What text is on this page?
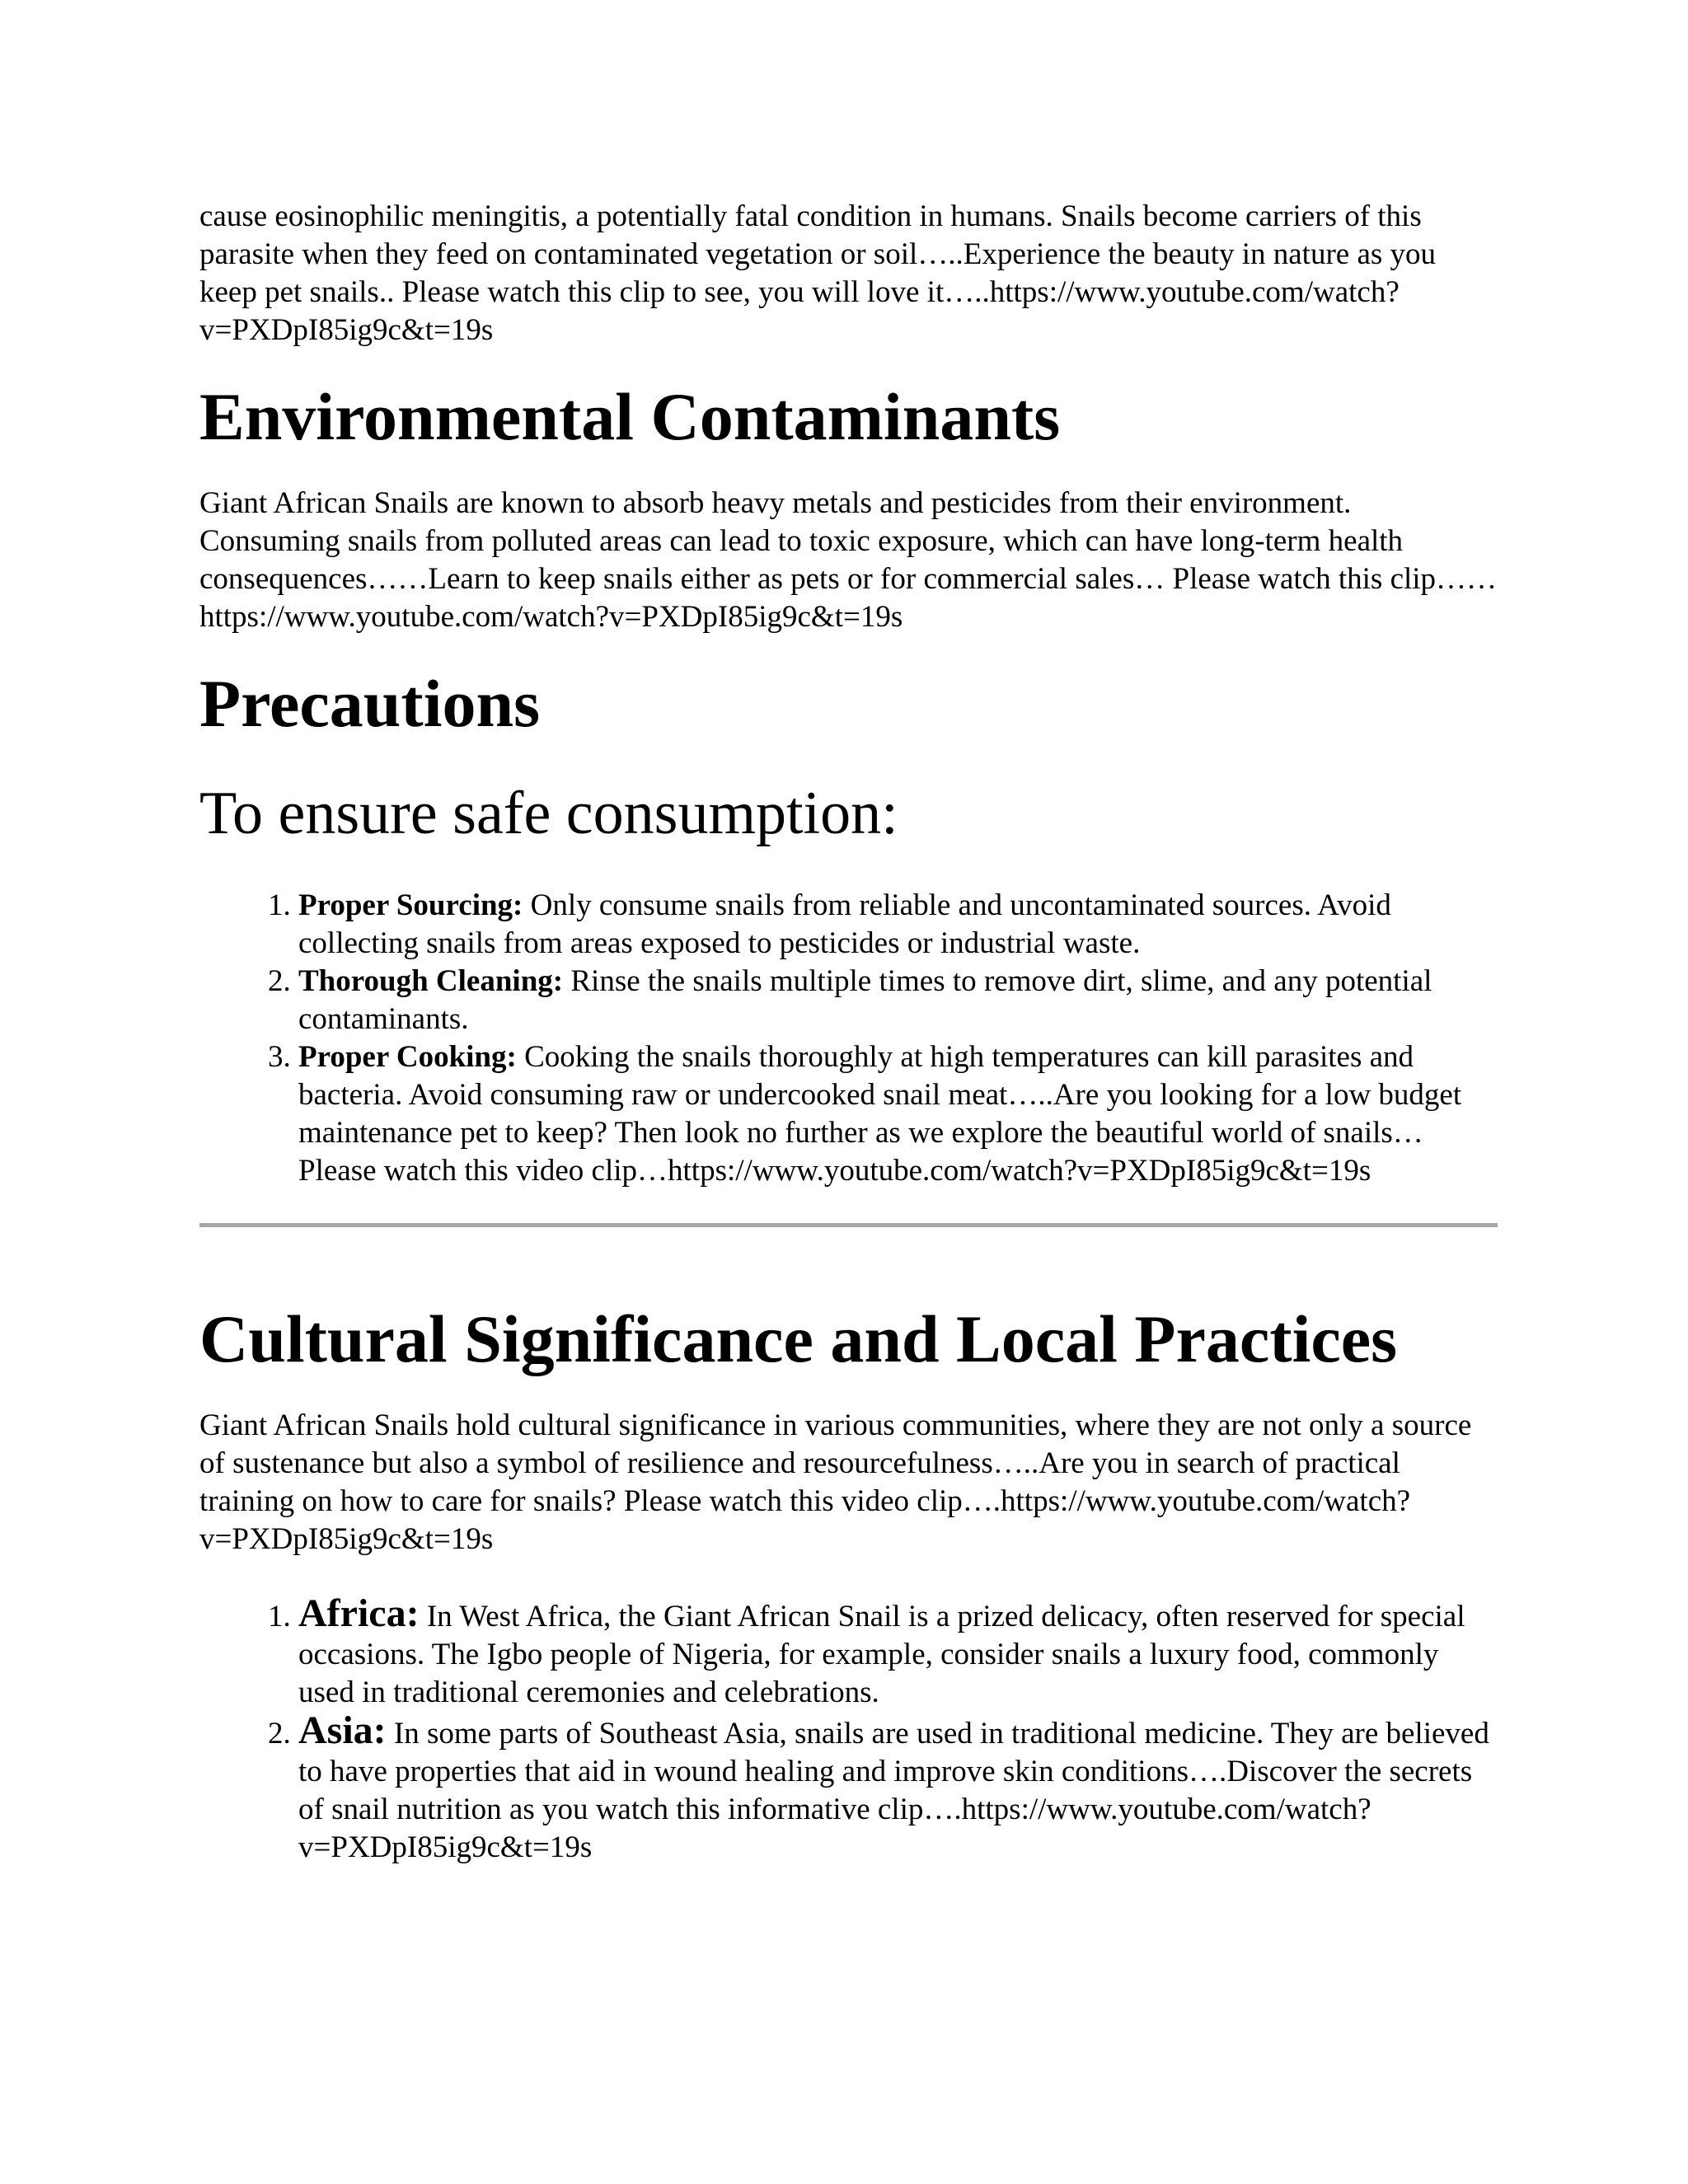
cause eosinophilic meningitis, a potentially fatal condition in humans. Snails become carriers of this parasite when they feed on contaminated vegetation or soil…..Experience the beauty in nature as you keep pet snails.. Please watch this clip to see, you will love it…..https://www.youtube.com/watch?v=PXDpI85ig9c&t=19s

Environmental Contaminants

Giant African Snails are known to absorb heavy metals and pesticides from their environment. Consuming snails from polluted areas can lead to toxic exposure, which can have long-term health consequences……Learn to keep snails either as pets or for commercial sales… Please watch this clip……https://www.youtube.com/watch?v=PXDpI85ig9c&t=19s

Precautions
To ensure safe consumption:
1. Proper Sourcing: Only consume snails from reliable and uncontaminated sources. Avoid collecting snails from areas exposed to pesticides or industrial waste.
2. Thorough Cleaning: Rinse the snails multiple times to remove dirt, slime, and any potential contaminants.
3. Proper Cooking: Cooking the snails thoroughly at high temperatures can kill parasites and bacteria. Avoid consuming raw or undercooked snail meat…..Are you looking for a low budget maintenance pet to keep? Then look no further as we explore the beautiful world of snails… Please watch this video clip…https://www.youtube.com/watch?v=PXDpI85ig9c&t=19s
Cultural Significance and Local Practices

Giant African Snails hold cultural significance in various communities, where they are not only a source of sustenance but also a symbol of resilience and resourcefulness…..Are you in search of practical training on how to care for snails? Please watch this video clip….https://www.youtube.com/watch?v=PXDpI85ig9c&t=19s

1. Africa: In West Africa, the Giant African Snail is a prized delicacy, often reserved for special occasions. The Igbo people of Nigeria, for example, consider snails a luxury food, commonly used in traditional ceremonies and celebrations.
2. Asia: In some parts of Southeast Asia, snails are used in traditional medicine. They are believed to have properties that aid in wound healing and improve skin conditions….Discover the secrets of snail nutrition as you watch this informative clip….https://www.youtube.com/watch?v=PXDpI85ig9c&t=19s
